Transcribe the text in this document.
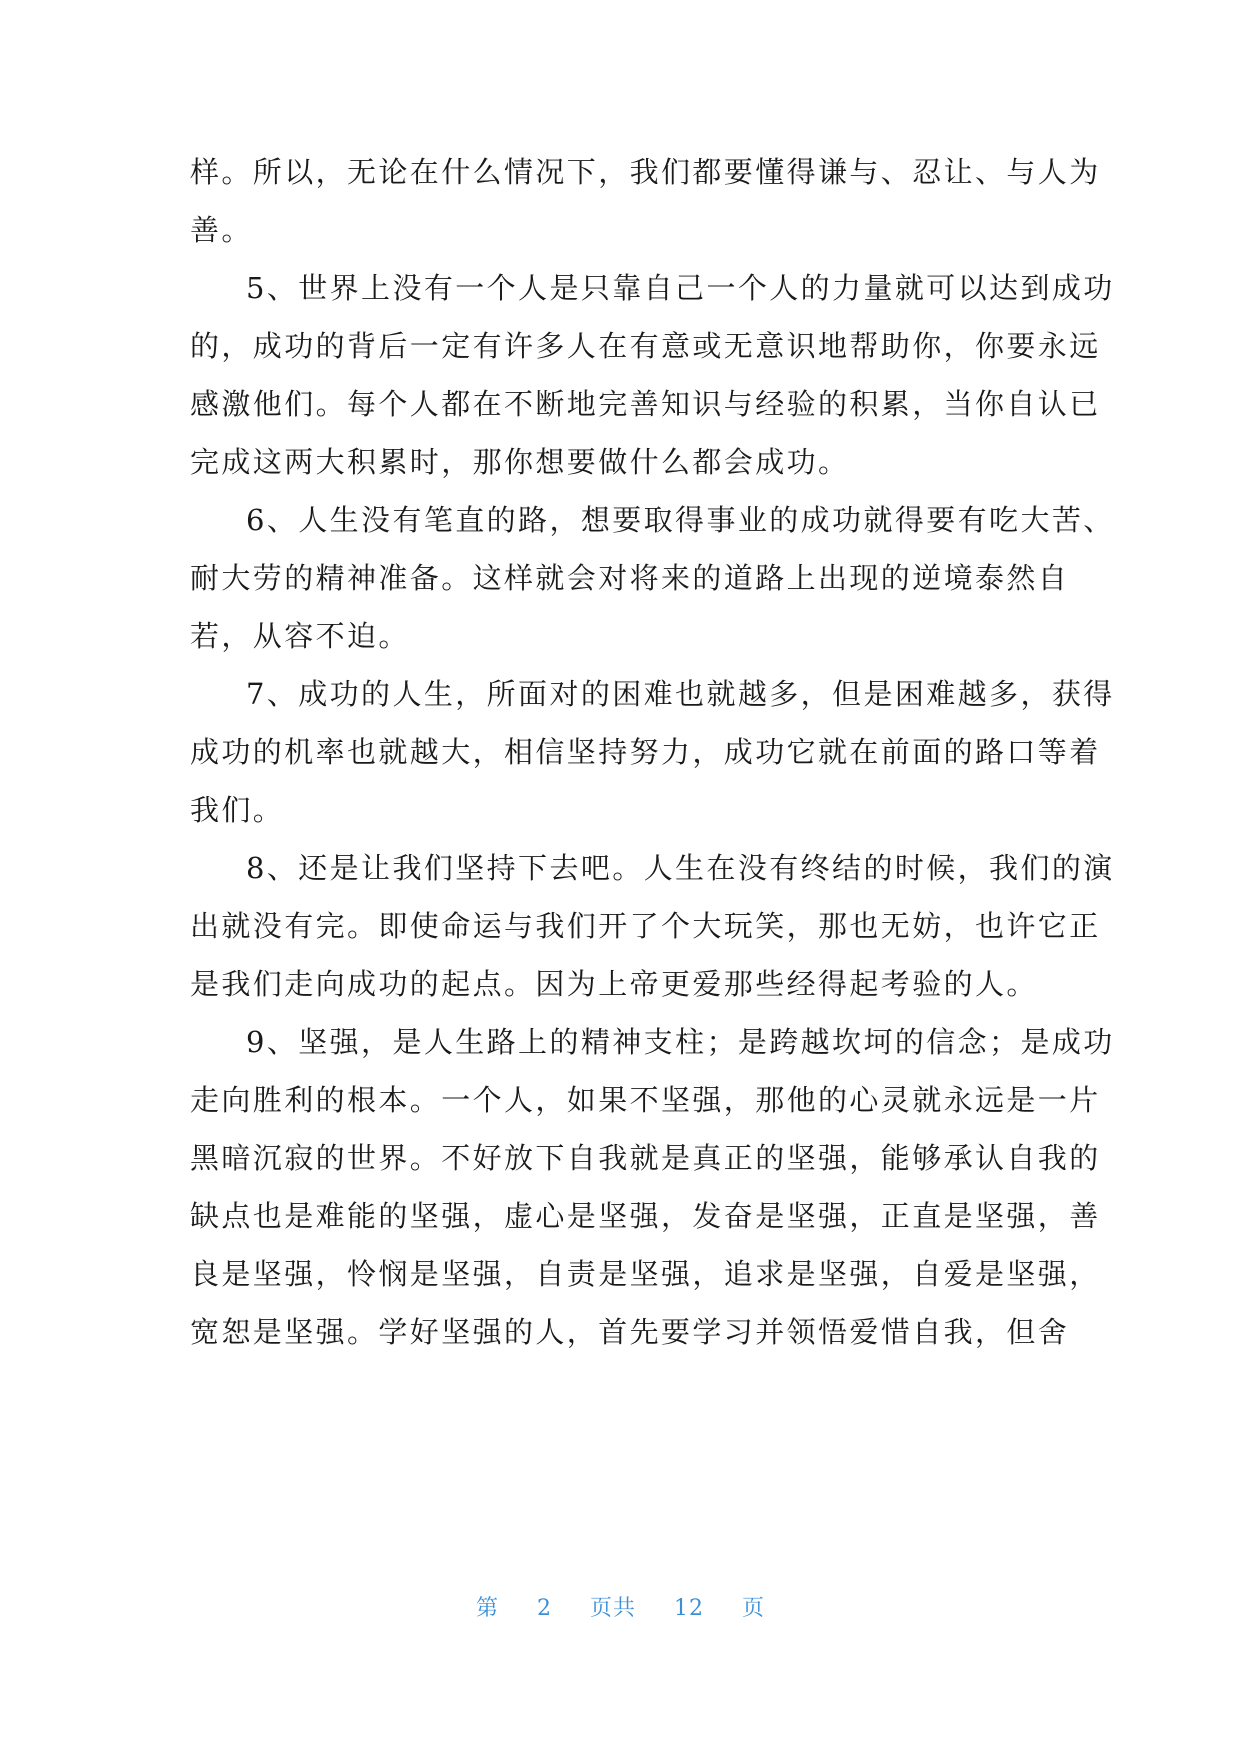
样。所以，无论在什么情况下，我们都要懂得谦与、忍让、与人为
善。
5、世界上没有一个人是只靠自己一个人的力量就可以达到成功
的，成功的背后一定有许多人在有意或无意识地帮助你，你要永远
感激他们。每个人都在不断地完善知识与经验的积累，当你自认已
完成这两大积累时，那你想要做什么都会成功。
6、人生没有笔直的路，想要取得事业的成功就得要有吃大苦、
耐大劳的精神准备。这样就会对将来的道路上出现的逆境泰然自
若，从容不迫。
7、成功的人生，所面对的困难也就越多，但是困难越多，获得
成功的机率也就越大，相信坚持努力，成功它就在前面的路口等着
我们。
8、还是让我们坚持下去吧。人生在没有终结的时候，我们的演
出就没有完。即使命运与我们开了个大玩笑，那也无妨，也许它正
是我们走向成功的起点。因为上帝更爱那些经得起考验的人。
9、坚强，是人生路上的精神支柱；是跨越坎坷的信念；是成功
走向胜利的根本。一个人，如果不坚强，那他的心灵就永远是一片
黑暗沉寂的世界。不好放下自我就是真正的坚强，能够承认自我的
缺点也是难能的坚强，虚心是坚强，发奋是坚强，正直是坚强，善
良是坚强，怜悯是坚强，自责是坚强，追求是坚强，自爱是坚强，
宽恕是坚强。学好坚强的人，首先要学习并领悟爱惜自我，但舍
第 2 页共 12 页
